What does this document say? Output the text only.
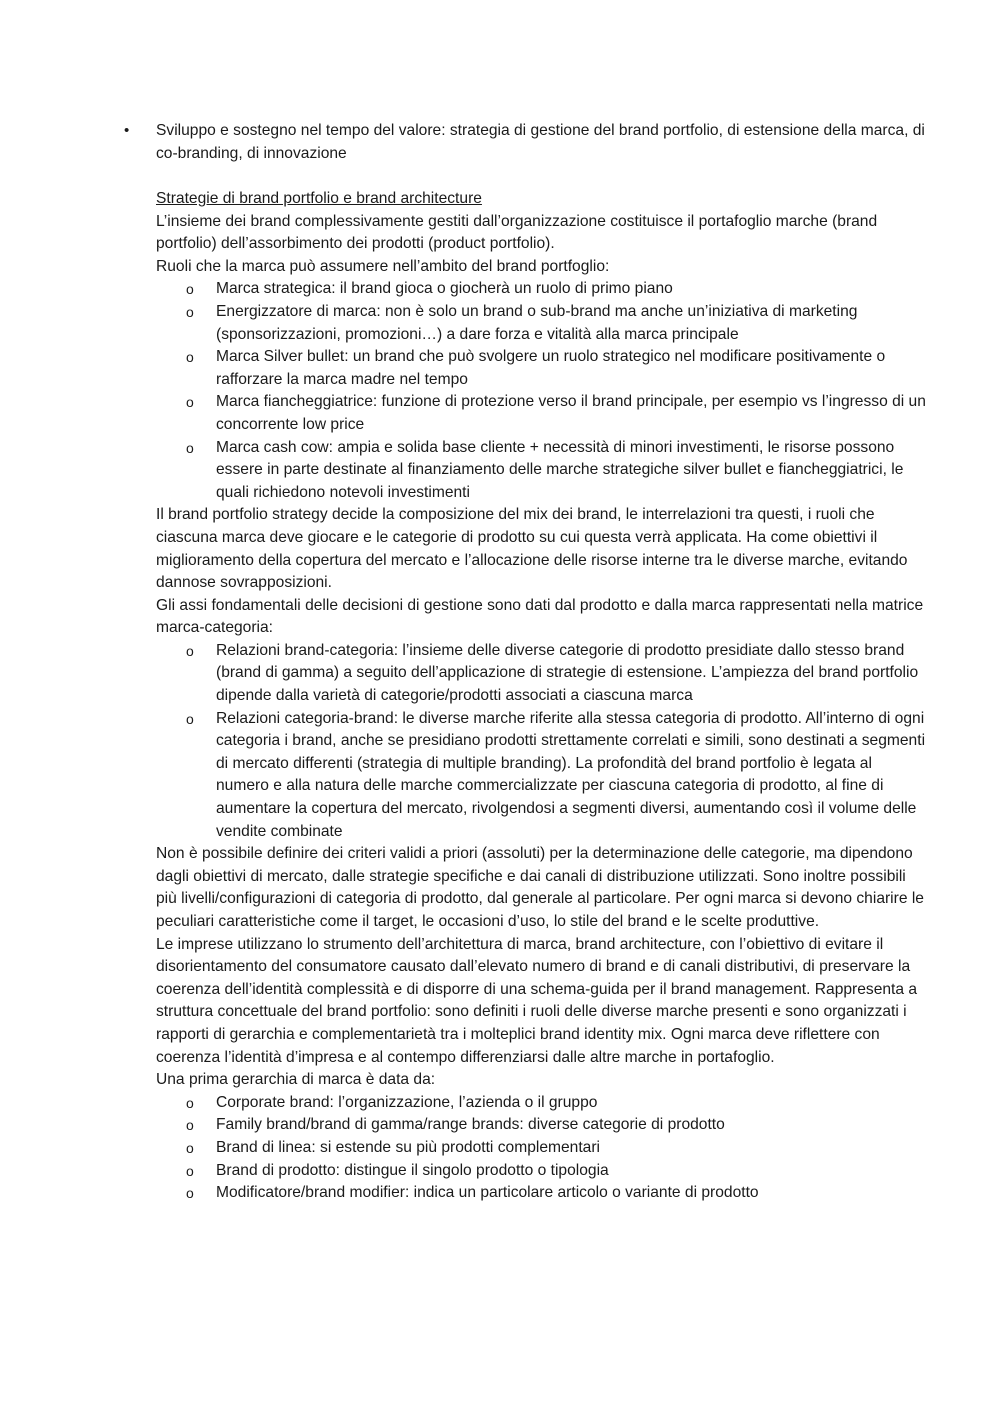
• Sviluppo e sostegno nel tempo del valore: strategia di gestione del brand portfolio, di estensione della marca, di co-branding, di innovazione

Strategie di brand portfolio e brand architecture

L’insieme dei brand complessivamente gestiti dall’organizzazione costituisce il portafoglio marche (brand portfolio) dell’assorbimento dei prodotti (product portfolio).

Ruoli che la marca può assumere nell’ambito del brand portfoglio:

o Marca strategica: il brand gioca o giocherà un ruolo di primo piano
o Energizzatore di marca: non è solo un brand o sub-brand ma anche un’iniziativa di marketing (sponsorizzazioni, promozioni…) a dare forza e vitalità alla marca principale
o Marca Silver bullet: un brand che può svolgere un ruolo strategico nel modificare positivamente o rafforzare la marca madre nel tempo
o Marca fiancheggiatrice: funzione di protezione verso il brand principale, per esempio vs l’ingresso di un concorrente low price
o Marca cash cow: ampia e solida base cliente + necessità di minori investimenti, le risorse possono essere in parte destinate al finanziamento delle marche strategiche silver bullet e fiancheggiatrici, le quali richiedono notevoli investimenti

Il brand portfolio strategy decide la composizione del mix dei brand, le interrelazioni tra questi, i ruoli che ciascuna marca deve giocare e le categorie di prodotto su cui questa verrà applicata. Ha come obiettivi il miglioramento della copertura del mercato e l’allocazione delle risorse interne tra le diverse marche, evitando dannose sovrapposizioni.

Gli assi fondamentali delle decisioni di gestione sono dati dal prodotto e dalla marca rappresentati nella matrice marca-categoria:

o Relazioni brand-categoria: l’insieme delle diverse categorie di prodotto presidiate dallo stesso brand (brand di gamma) a seguito dell’applicazione di strategie di estensione. L’ampiezza del brand portfolio dipende dalla varietà di categorie/prodotti associati a ciascuna marca
o Relazioni categoria-brand: le diverse marche riferite alla stessa categoria di prodotto. All’interno di ogni categoria i brand, anche se presidiano prodotti strettamente correlati e simili, sono destinati a segmenti di mercato differenti (strategia di multiple branding). La profondità del brand portfolio è legata al numero e alla natura delle marche commercializzate per ciascuna categoria di prodotto, al fine di aumentare la copertura del mercato, rivolgendosi a segmenti diversi, aumentando così il volume delle vendite combinate

Non è possibile definire dei criteri validi a priori (assoluti) per la determinazione delle categorie, ma dipendono dagli obiettivi di mercato, dalle strategie specifiche e dai canali di distribuzione utilizzati. Sono inoltre possibili più livelli/configurazioni di categoria di prodotto, dal generale al particolare. Per ogni marca si devono chiarire le peculiari caratteristiche come il target, le occasioni d’uso, lo stile del brand e le scelte produttive.

Le imprese utilizzano lo strumento dell’architettura di marca, brand architecture, con l’obiettivo di evitare il disorientamento del consumatore causato dall’elevato numero di brand e di canali distributivi, di preservare la coerenza dell’identità complessità e di disporre di una schema-guida per il brand management. Rappresenta a struttura concettuale del brand portfolio: sono definiti i ruoli delle diverse marche presenti e sono organizzati i rapporti di gerarchia e complementarietà tra i molteplici brand identity mix. Ogni marca deve riflettere con coerenza l’identità d’impresa e al contempo differenziarsi dalle altre marche in portafoglio.

Una prima gerarchia di marca è data da:

o Corporate brand: l’organizzazione, l’azienda o il gruppo
o Family brand/brand di gamma/range brands: diverse categorie di prodotto
o Brand di linea: si estende su più prodotti complementari
o Brand di prodotto: distingue il singolo prodotto o tipologia
o Modificatore/brand modifier: indica un particolare articolo o variante di prodotto
